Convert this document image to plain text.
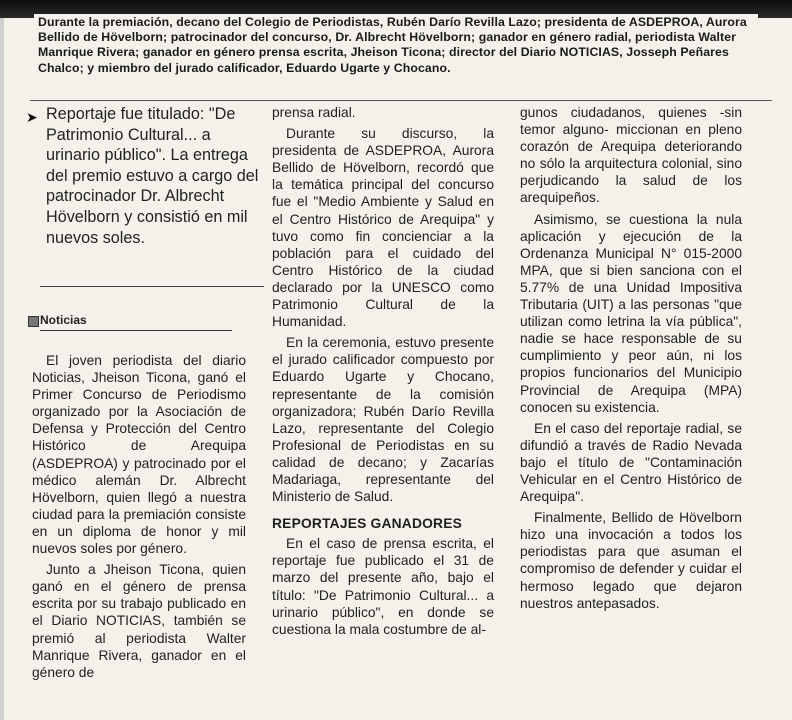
Durante la premiación, decano del Colegio de Periodistas, Rubén Darío Revilla Lazo; presidenta de ASDEPROA, Aurora Bellido de Hövelborn; patrocinador del concurso, Dr. Albrecht Hövelborn; ganador en género radial, periodista Walter Manrique Rivera; ganador en género prensa escrita, Jheison Ticona; director del Diario NOTICIAS, Josseph Peñares Chalco; y miembro del jurado calificador, Eduardo Ugarte y Chocano.
➤ Reportaje fue titulado: "De Patrimonio Cultural... a urinario público". La entrega del premio estuvo a cargo del patrocinador Dr. Albrecht Hövelborn y consistió en mil nuevos soles.
Noticias

El joven periodista del diario Noticias, Jheison Ticona, ganó el Primer Concurso de Periodismo organizado por la Asociación de Defensa y Protección del Centro Histórico de Arequipa (ASDEPROA) y patrocinado por el médico alemán Dr. Albrecht Hövelborn, quien llegó a nuestra ciudad para la premiación consiste en un diploma de honor y mil nuevos soles por género.

Junto a Jheison Ticona, quien ganó en el género de prensa escrita por su trabajo publicado en el Diario NOTICIAS, también se premió al periodista Walter Manrique Rivera, ganador en el género de

prensa radial.

Durante su discurso, la presidenta de ASDEPROA, Aurora Bellido de Hövelborn, recordó que la temática principal del concurso fue el "Medio Ambiente y Salud en el Centro Histórico de Arequipa" y tuvo como fin concienciar a la población para el cuidado del Centro Histórico de la ciudad declarado por la UNESCO como Patrimonio Cultural de la Humanidad.

En la ceremonia, estuvo presente el jurado calificador compuesto por Eduardo Ugarte y Chocano, representante de la comisión organizadora; Rubén Darío Revilla Lazo, representante del Colegio Profesional de Periodistas en su calidad de decano; y Zacarías Madariaga, representante del Ministerio de Salud.

REPORTAJES GANADORES

En el caso de prensa escrita, el reportaje fue publicado el 31 de marzo del presente año, bajo el título: "De Patrimonio Cultural... a urinario público", en donde se cuestiona la mala costumbre de al-

gunos ciudadanos, quienes -sin temor alguno- miccionan en pleno corazón de Arequipa deteriorando no sólo la arquitectura colonial, sino perjudicando la salud de los arequipeños.

Asimismo, se cuestiona la nula aplicación y ejecución de la Ordenanza Municipal N° 015-2000 MPA, que si bien sanciona con el 5.77% de una Unidad Impositiva Tributaria (UIT) a las personas "que utilizan como letrina la vía pública", nadie se hace responsable de su cumplimiento y peor aún, ni los propios funcionarios del Municipio Provincial de Arequipa (MPA) conocen su existencia.

En el caso del reportaje radial, se difundió a través de Radio Nevada bajo el título de "Contaminación Vehicular en el Centro Histórico de Arequipa".

Finalmente, Bellido de Hövelborn hizo una invocación a todos los periodistas para que asuman el compromiso de defender y cuidar el hermoso legado que dejaron nuestros antepasados.
